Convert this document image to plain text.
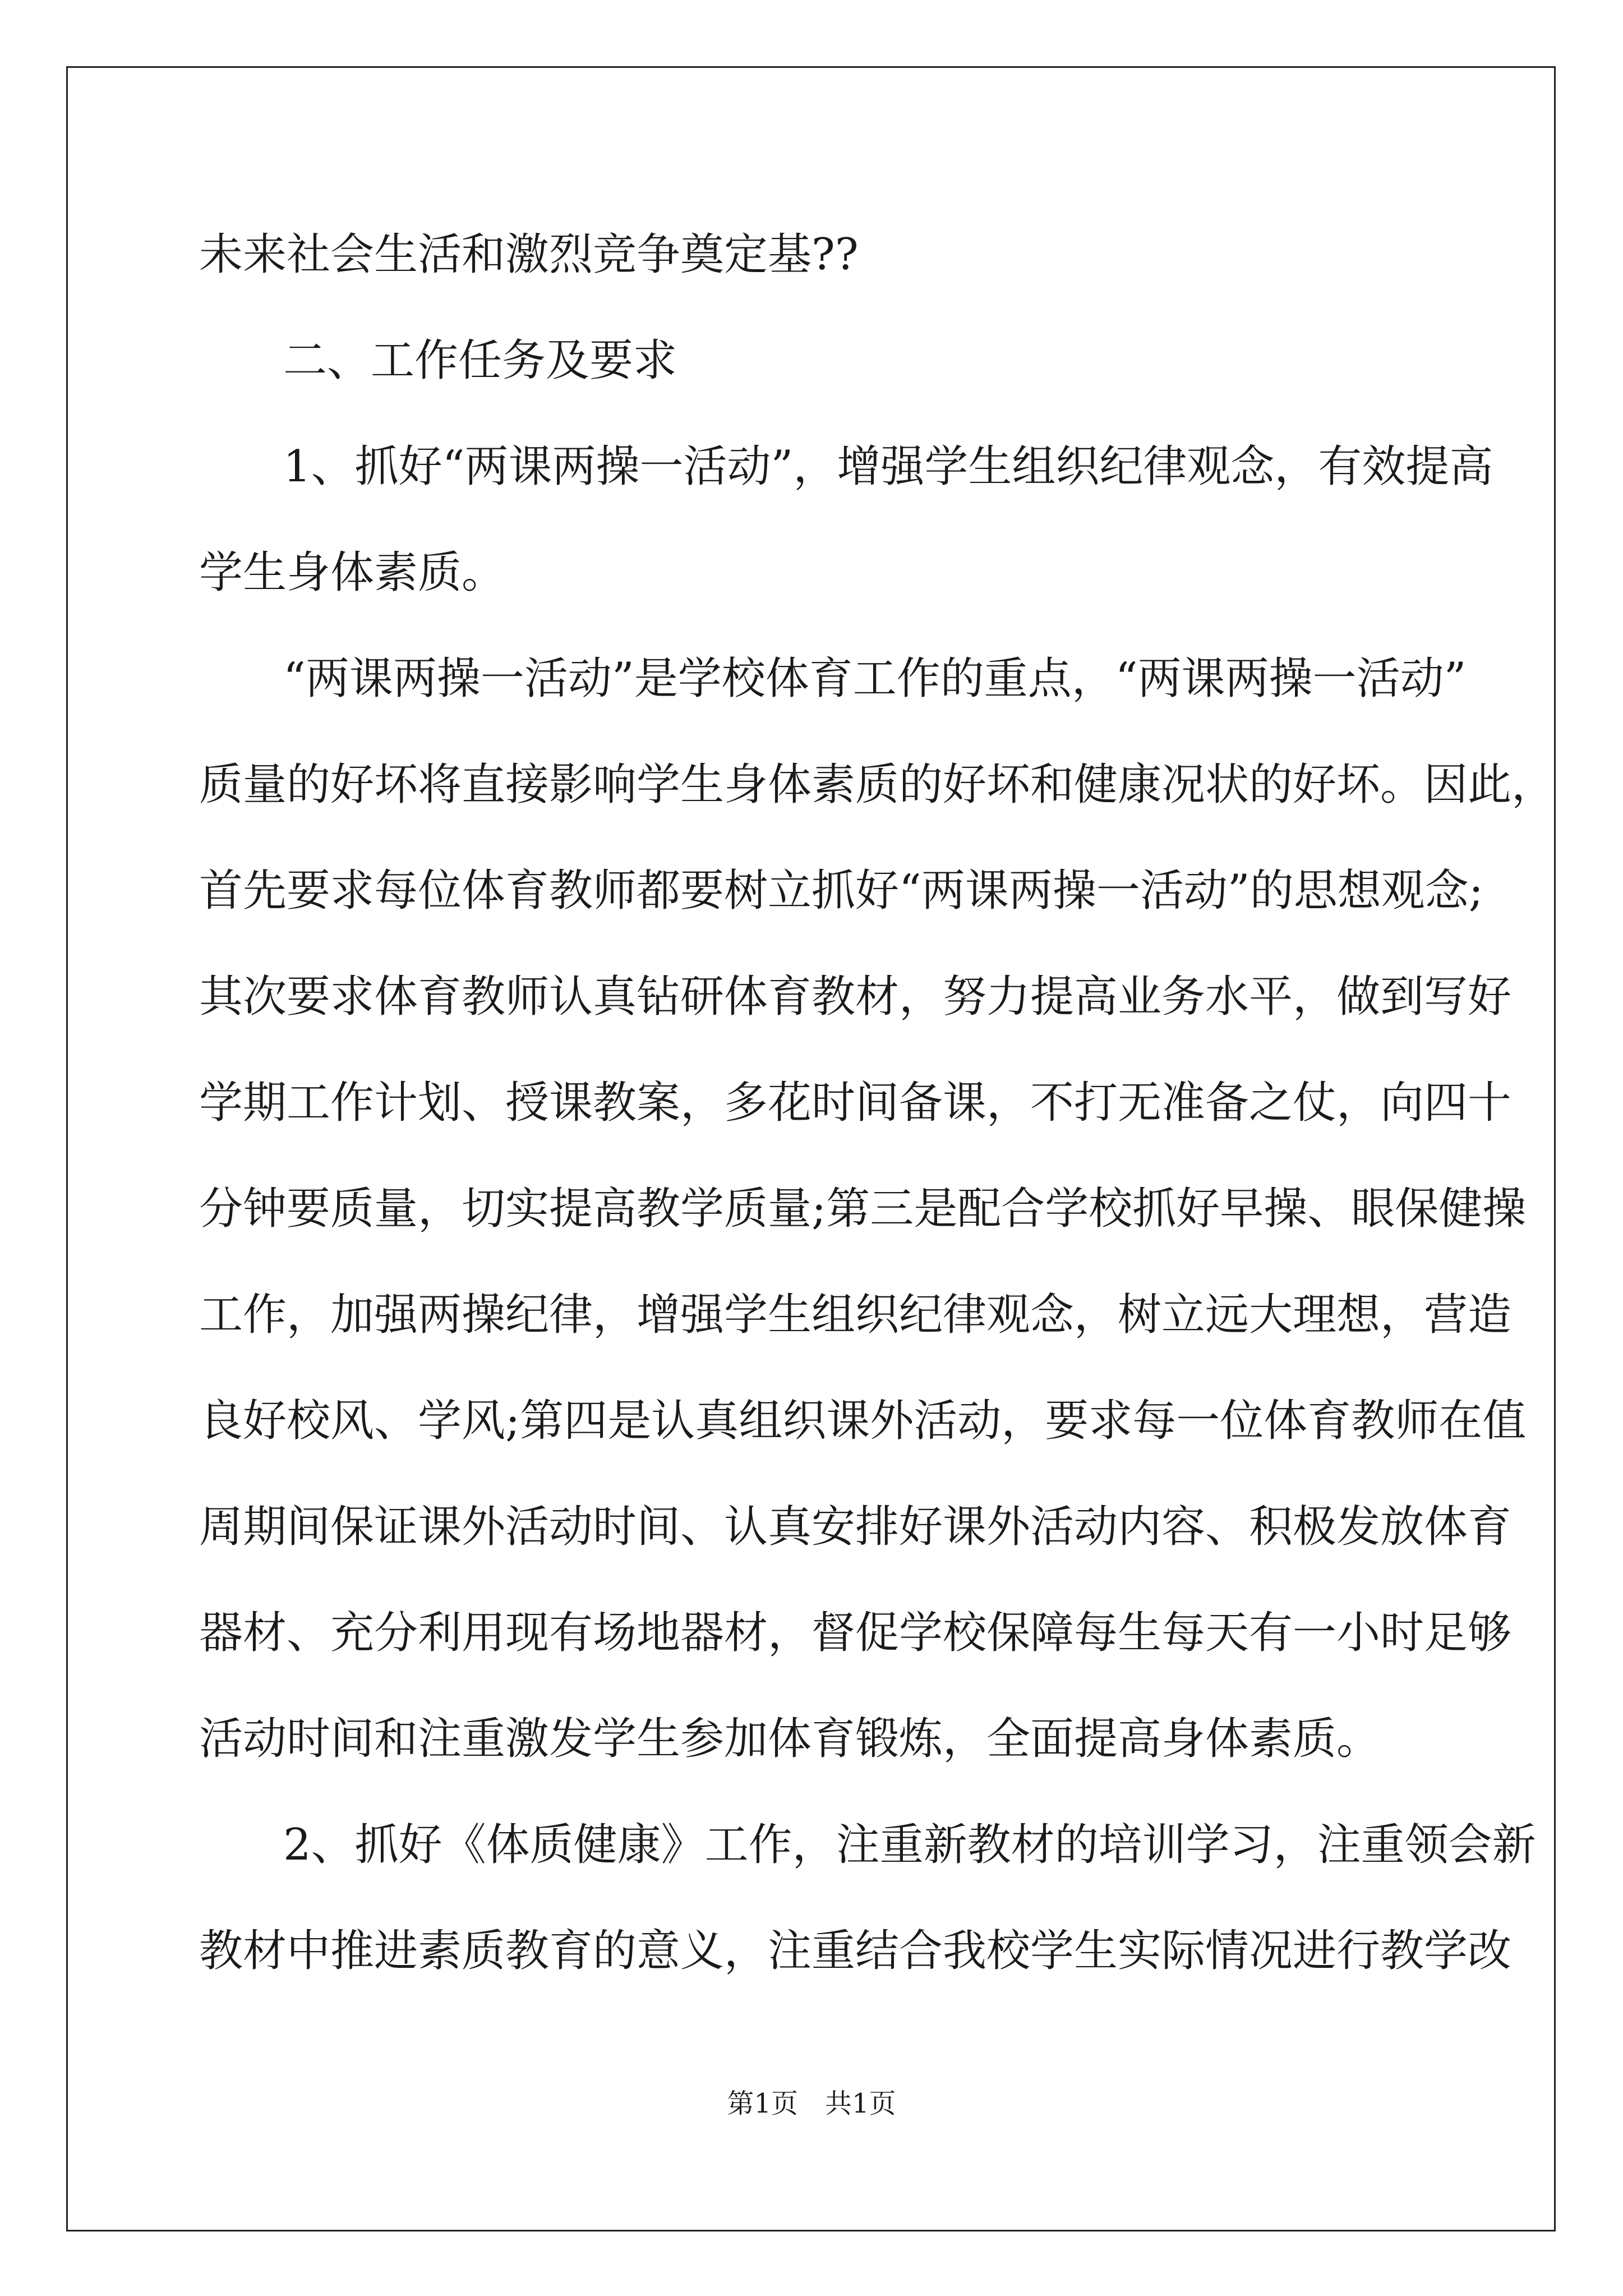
未来社会生活和激烈竞争奠定基??
二、工作任务及要求
1、抓好“两课两操一活动”，增强学生组织纪律观念，有效提高
学生身体素质。
“两课两操一活动”是学校体育工作的重点，“两课两操一活动”
质量的好坏将直接影响学生身体素质的好坏和健康况状的好坏。因此，
首先要求每位体育教师都要树立抓好“两课两操一活动”的思想观念;
其次要求体育教师认真钻研体育教材，努力提高业务水平，做到写好
学期工作计划、授课教案，多花时间备课，不打无准备之仗，向四十
分钟要质量，切实提高教学质量;第三是配合学校抓好早操、眼保健操
工作，加强两操纪律，增强学生组织纪律观念，树立远大理想，营造
良好校风、学风;第四是认真组织课外活动，要求每一位体育教师在值
周期间保证课外活动时间、认真安排好课外活动内容、积极发放体育
器材、充分利用现有场地器材，督促学校保障每生每天有一小时足够
活动时间和注重激发学生参加体育锻炼，全面提高身体素质。
2、抓好《体质健康》工作，注重新教材的培训学习，注重领会新
教材中推进素质教育的意义，注重结合我校学生实际情况进行教学改
第1页　共1页
